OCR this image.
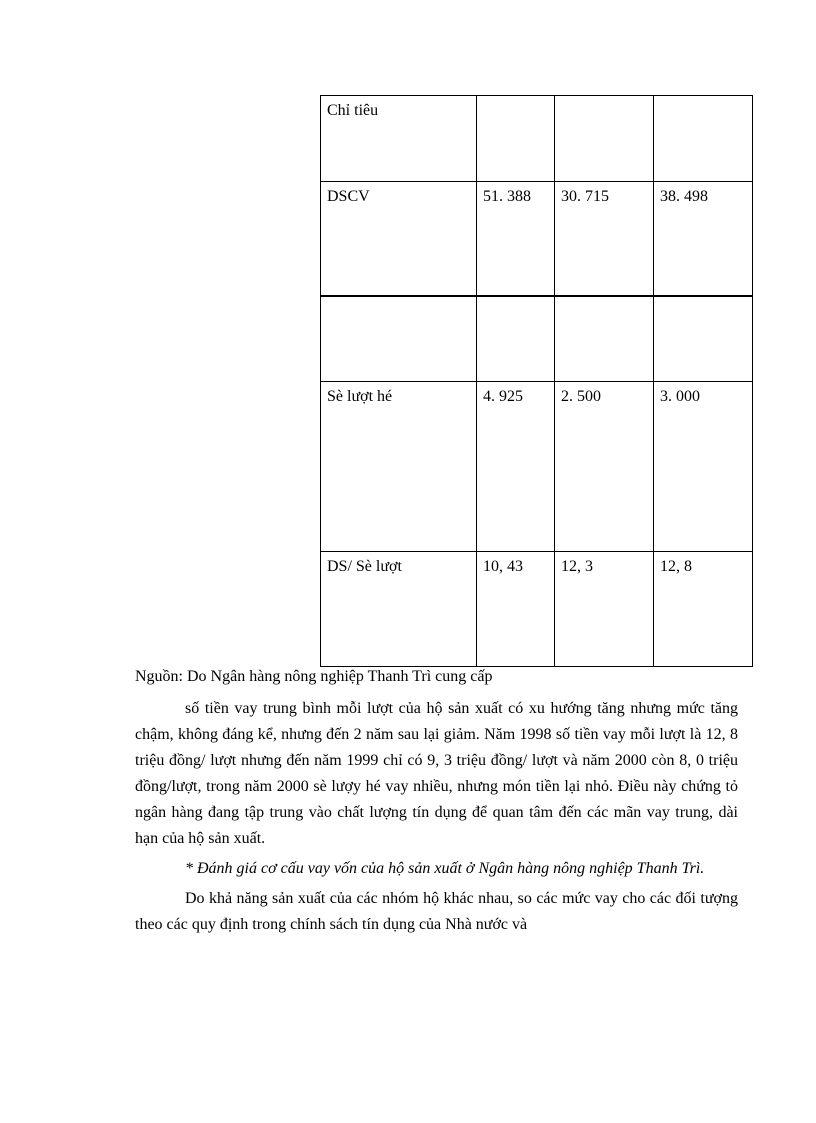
Chỉ tiêu			
DSCV	51. 388	30. 715	38. 498

Sè lượt hé	4. 925	2. 500	3. 000
DS/ Sè lượt	10, 43	12, 3	12, 8
Nguồn: Do Ngân hàng nông nghiệp Thanh Trì cung cấp

số tiền vay trung bình mỗi lượt của hộ sản xuất có xu hướng tăng nhưng mức tăng chậm, không đáng kể, nhưng đến 2 năm sau lại giảm. Năm 1998 số tiền vay mỗi lượt là 12, 8 triệu đồng/ lượt nhưng đến năm 1999 chỉ có 9, 3 triệu đồng/ lượt và năm 2000 còn 8, 0 triệu đồng/lượt, trong năm 2000 sè lượy hé vay nhiều, nhưng món tiền lại nhỏ. Điều này chứng tỏ ngân hàng đang tập trung vào chất lượng tín dụng để quan tâm đến các mãn vay trung, dài hạn của hộ sản xuất.

* Đánh giá cơ cấu vay vốn của hộ sản xuất ở Ngân hàng nông nghiệp Thanh Trì.

Do khả năng sản xuất của các nhóm hộ khác nhau, so các mức vay cho các đối tượng theo các quy định trong chính sách tín dụng của Nhà nước và
